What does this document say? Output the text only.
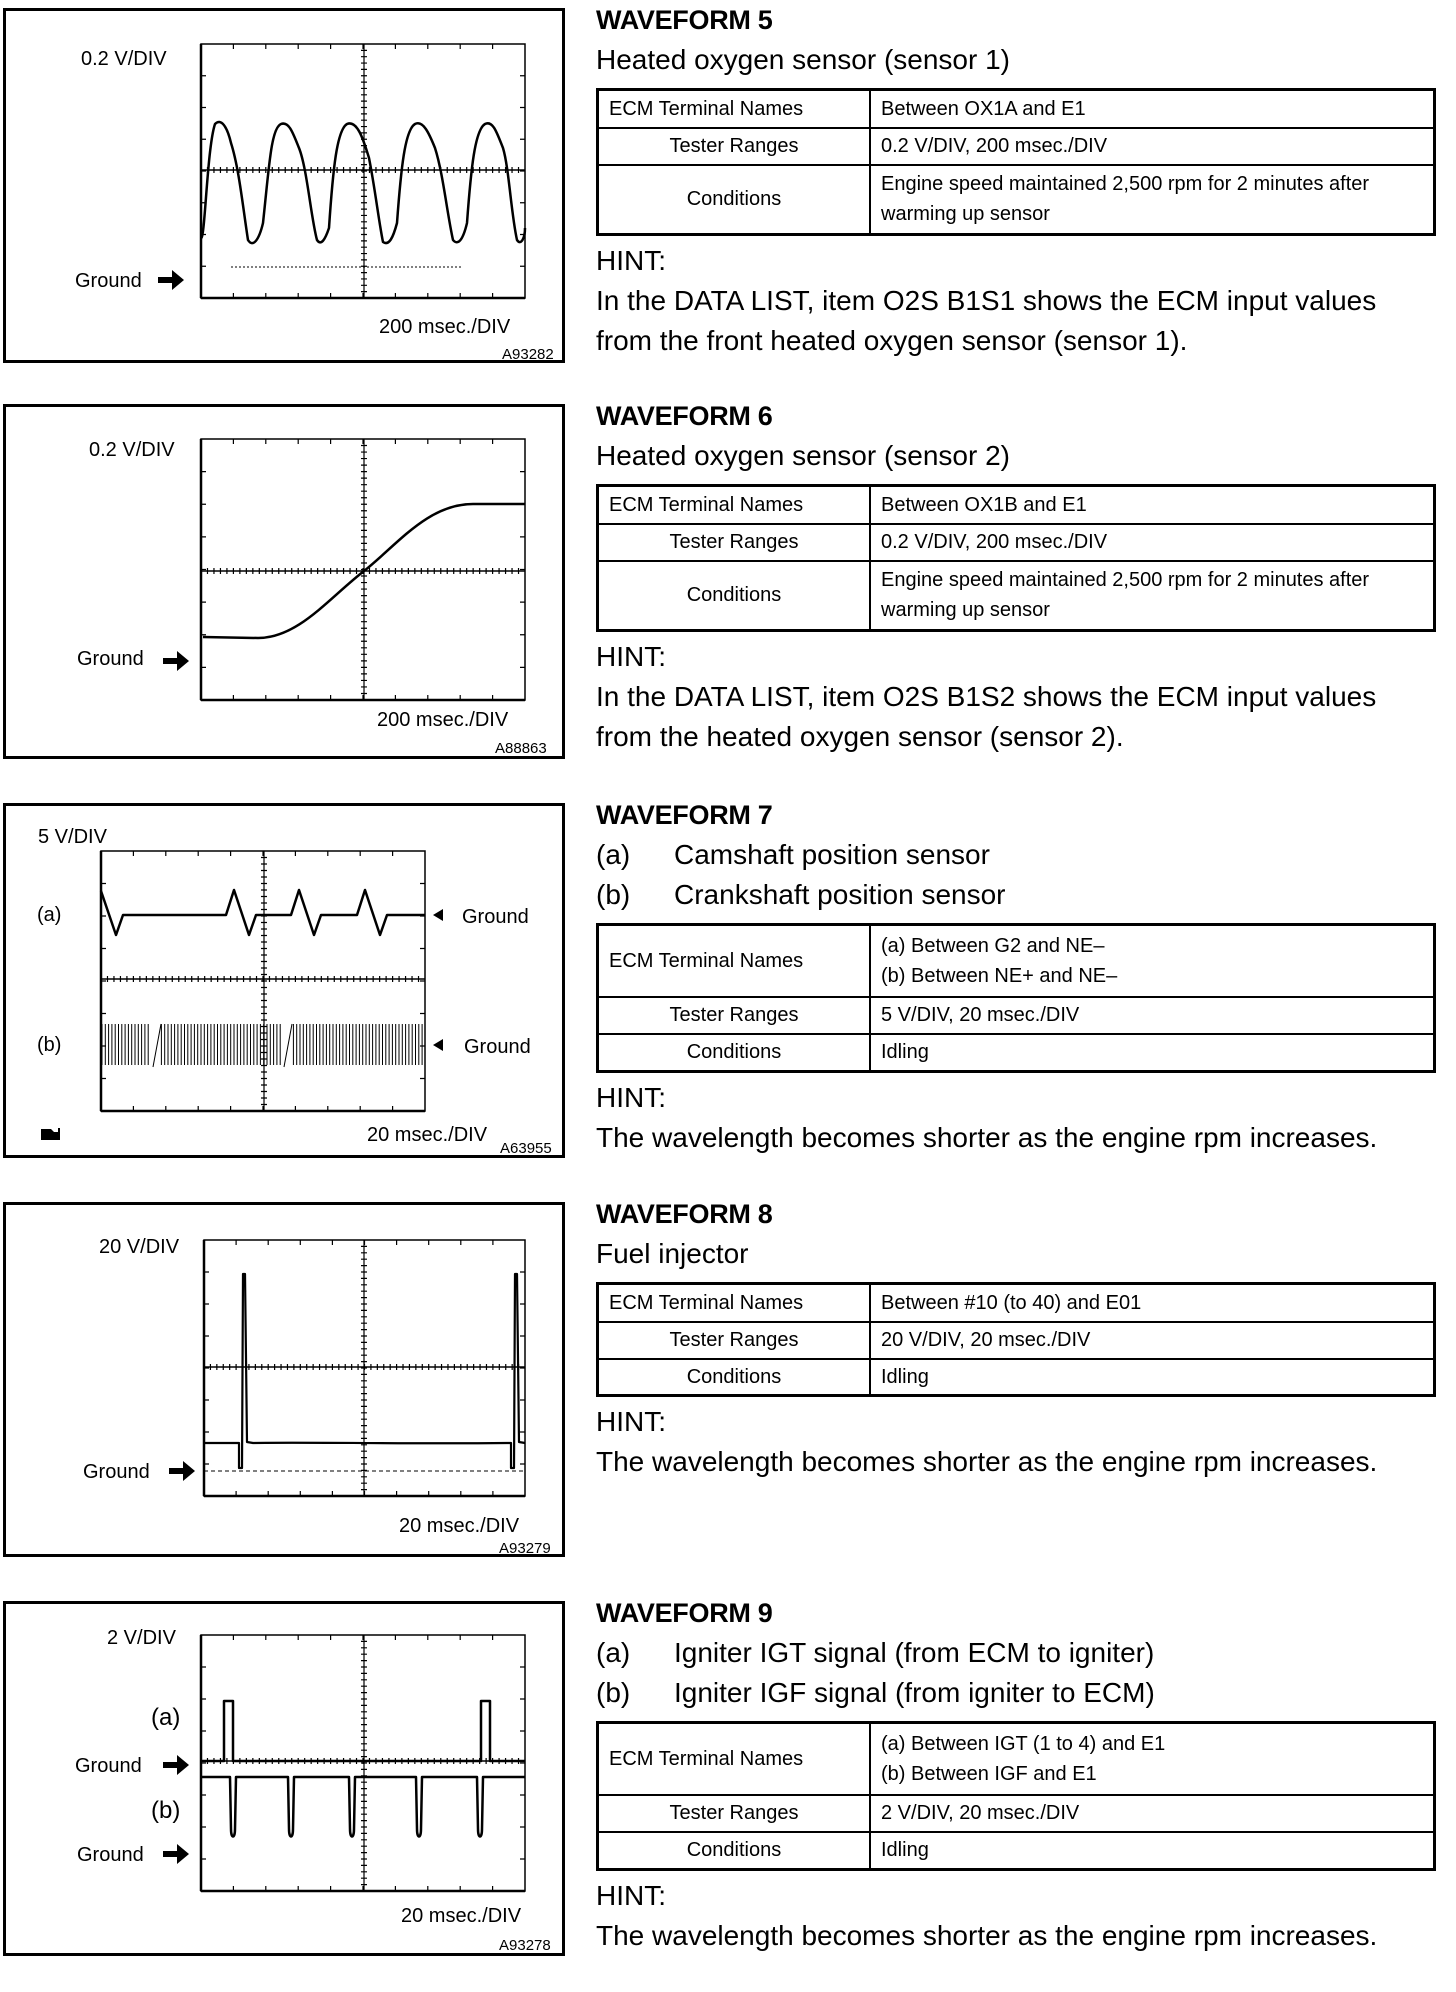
0.2 V/DIV
Ground
200 msec./DIV
A93282
WAVEFORM 5
Heated oxygen sensor (sensor 1)
ECM Terminal Names	Between OX1A and E1
Tester Ranges	0.2 V/DIV, 200 msec./DIV
Conditions	Engine speed maintained 2,500 rpm for 2 minutes after warming up sensor
HINT:
In the DATA LIST, item O2S B1S1 shows the ECM input values
from the front heated oxygen sensor (sensor 1).
0.2 V/DIV
Ground
200 msec./DIV
A88863
WAVEFORM 6
Heated oxygen sensor (sensor 2)
ECM Terminal Names	Between OX1B and E1
Tester Ranges	0.2 V/DIV, 200 msec./DIV
Conditions	Engine speed maintained 2,500 rpm for 2 minutes after warming up sensor
HINT:
In the DATA LIST, item O2S B1S2 shows the ECM input values
from the heated oxygen sensor (sensor 2).
5 V/DIV
(a)
(b)
Ground
Ground
20 msec./DIV
A63955
WAVEFORM 7
(a) Camshaft position sensor
(b) Crankshaft position sensor
ECM Terminal Names	(a) Between G2 and NE–
(b) Between NE+ and NE–

Tester Ranges	5 V/DIV, 20 msec./DIV
Conditions	Idling
HINT:
The wavelength becomes shorter as the engine rpm increases.
20 V/DIV
Ground
20 msec./DIV
A93279
WAVEFORM 8
Fuel injector
ECM Terminal Names	Between #10 (to 40) and E01
Tester Ranges	20 V/DIV, 20 msec./DIV
Conditions	Idling
HINT:
The wavelength becomes shorter as the engine rpm increases.
2 V/DIV
(a)
Ground
(b)
Ground
20 msec./DIV
A93278
WAVEFORM 9
(a) Igniter IGT signal (from ECM to igniter)
(b) Igniter IGF signal (from igniter to ECM)
ECM Terminal Names	(a) Between IGT (1 to 4) and E1
(b) Between IGF and E1

Tester Ranges	2 V/DIV, 20 msec./DIV
Conditions	Idling
HINT:
The wavelength becomes shorter as the engine rpm increases.
